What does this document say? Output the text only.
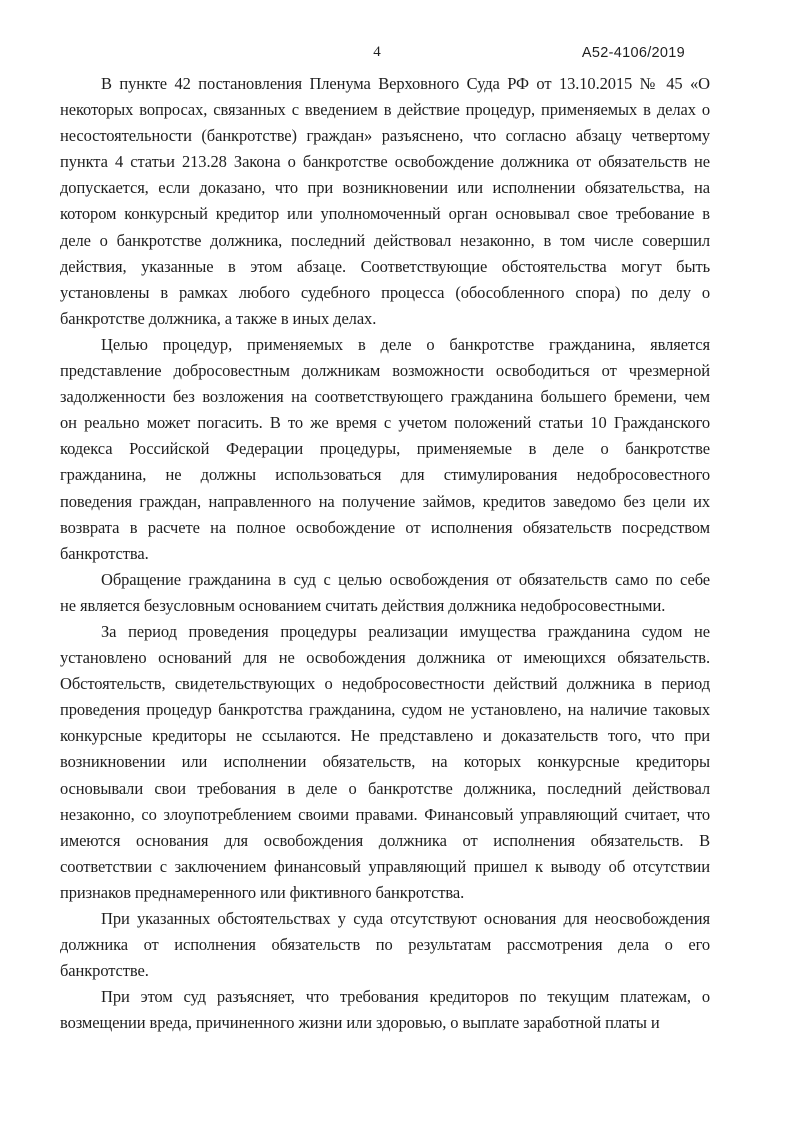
4	А52-4106/2019
В пункте 42 постановления Пленума Верховного Суда РФ от 13.10.2015 № 45 «О
некоторых вопросах, связанных с введением в действие процедур, применяемых в делах о
несостоятельности (банкротстве) граждан» разъяснено, что согласно абзацу четвертому
пункта 4 статьи 213.28 Закона о банкротстве освобождение должника от обязательств не
допускается, если доказано, что при возникновении или исполнении обязательства, на
котором конкурсный кредитор или уполномоченный орган основывал свое требование в
деле о банкротстве должника, последний действовал незаконно, в том числе совершил
действия, указанные в этом абзаце. Соответствующие обстоятельства могут быть
установлены в рамках любого судебного процесса (обособленного спора) по делу о
банкротстве должника, а также в иных делах.
Целью процедур, применяемых в деле о банкротстве гражданина, является
представление добросовестным должникам возможности освободиться от чрезмерной
задолженности без возложения на соответствующего гражданина большего бремени, чем
он реально может погасить. В то же время с учетом положений статьи 10 Гражданского
кодекса Российской Федерации процедуры, применяемые в деле о банкротстве
гражданина, не должны использоваться для стимулирования недобросовестного
поведения граждан, направленного на получение займов, кредитов заведомо без цели их
возврата в расчете на полное освобождение от исполнения обязательств посредством
банкротства.
Обращение гражданина в суд с целью освобождения от обязательств само по себе
не является безусловным основанием считать действия должника недобросовестными.
За период проведения процедуры реализации имущества гражданина судом не
установлено оснований для не освобождения должника от имеющихся обязательств.
Обстоятельств, свидетельствующих о недобросовестности действий должника в период
проведения процедур банкротства гражданина, судом не установлено, на наличие таковых
конкурсные кредиторы не ссылаются. Не представлено и доказательств того, что при
возникновении или исполнении обязательств, на которых конкурсные кредиторы
основывали свои требования в деле о банкротстве должника, последний действовал
незаконно, со злоупотреблением своими правами. Финансовый управляющий считает, что
имеются основания для освобождения должника от исполнения обязательств. В
соответствии с заключением финансовый управляющий пришел к выводу об отсутствии
признаков преднамеренного или фиктивного банкротства.
При указанных обстоятельствах у суда отсутствуют основания для неосвобождения
должника от исполнения обязательств по результатам рассмотрения дела о его
банкротстве.
При этом суд разъясняет, что требования кредиторов по текущим платежам, о
возмещении вреда, причиненного жизни или здоровью, о выплате заработной платы и
